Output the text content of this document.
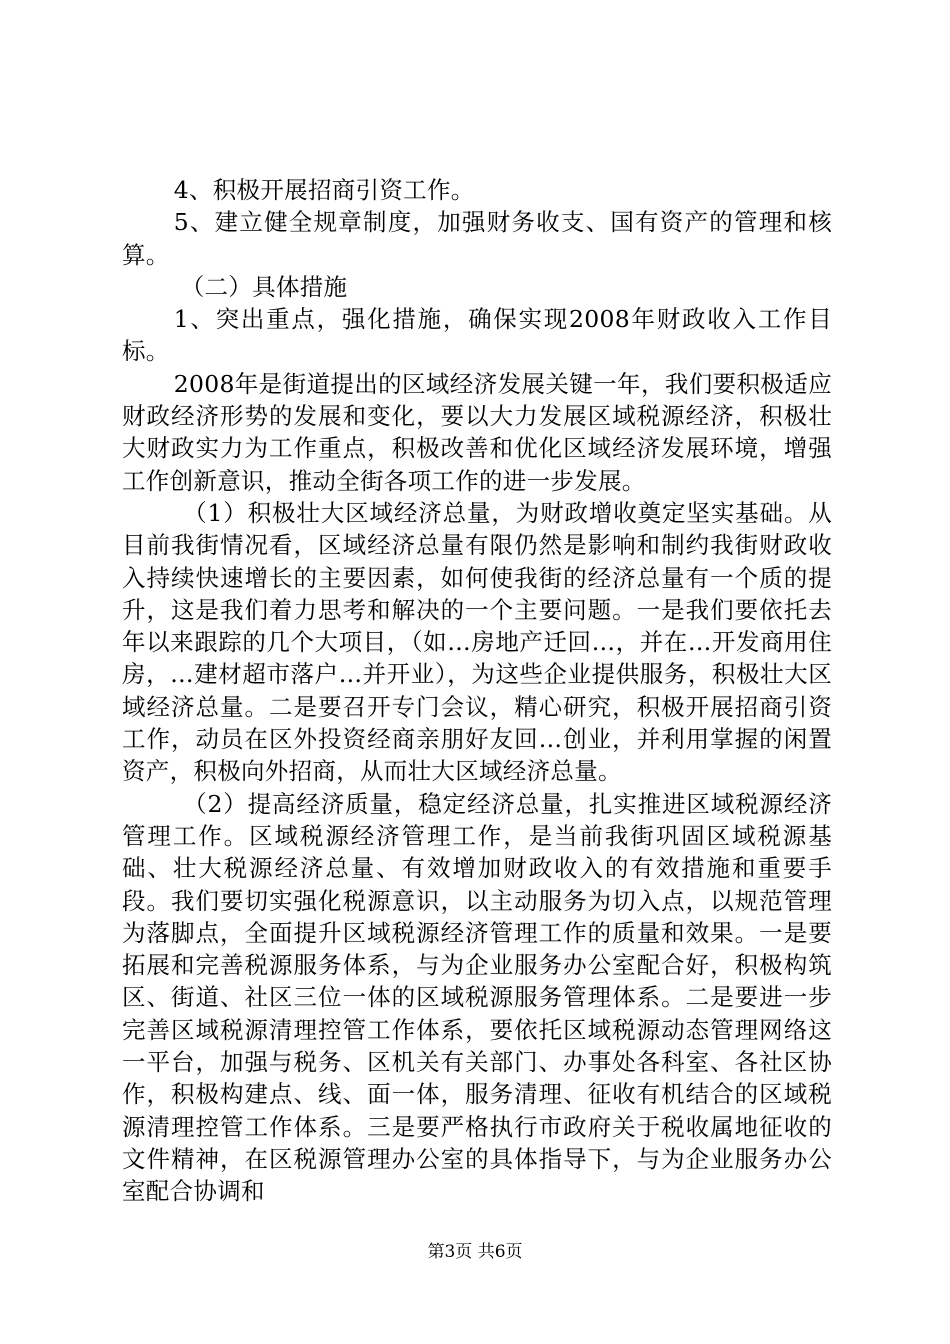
4、积极开展招商引资工作。

5、建立健全规章制度，加强财务收支、国有资产的管理和核算。

（二）具体措施

1、突出重点，强化措施，确保实现2008年财政收入工作目标。

2008年是街道提出的区域经济发展关键一年，我们要积极适应财政经济形势的发展和变化，要以大力发展区域税源经济，积极壮大财政实力为工作重点，积极改善和优化区域经济发展环境，增强工作创新意识，推动全街各项工作的进一步发展。

（1）积极壮大区域经济总量，为财政增收奠定坚实基础。从目前我街情况看，区域经济总量有限仍然是影响和制约我街财政收入持续快速增长的主要因素，如何使我街的经济总量有一个质的提升，这是我们着力思考和解决的一个主要问题。一是我们要依托去年以来跟踪的几个大项目，（如…房地产迁回…，并在…开发商用住房，…建材超市落户…并开业），为这些企业提供服务，积极壮大区域经济总量。二是要召开专门会议，精心研究，积极开展招商引资工作，动员在区外投资经商亲朋好友回…创业，并利用掌握的闲置资产，积极向外招商，从而壮大区域经济总量。

（2）提高经济质量，稳定经济总量，扎实推进区域税源经济管理工作。区域税源经济管理工作，是当前我街巩固区域税源基础、壮大税源经济总量、有效增加财政收入的有效措施和重要手段。我们要切实强化税源意识，以主动服务为切入点，以规范管理为落脚点，全面提升区域税源经济管理工作的质量和效果。一是要拓展和完善税源服务体系，与为企业服务办公室配合好，积极构筑区、街道、社区三位一体的区域税源服务管理体系。二是要进一步完善区域税源清理控管工作体系，要依托区域税源动态管理网络这一平台，加强与税务、区机关有关部门、办事处各科室、各社区协作，积极构建点、线、面一体，服务清理、征收有机结合的区域税源清理控管工作体系。三是要严格执行市政府关于税收属地征收的文件精神，在区税源管理办公室的具体指导下，与为企业服务办公室配合协调和

第3页 共6页
